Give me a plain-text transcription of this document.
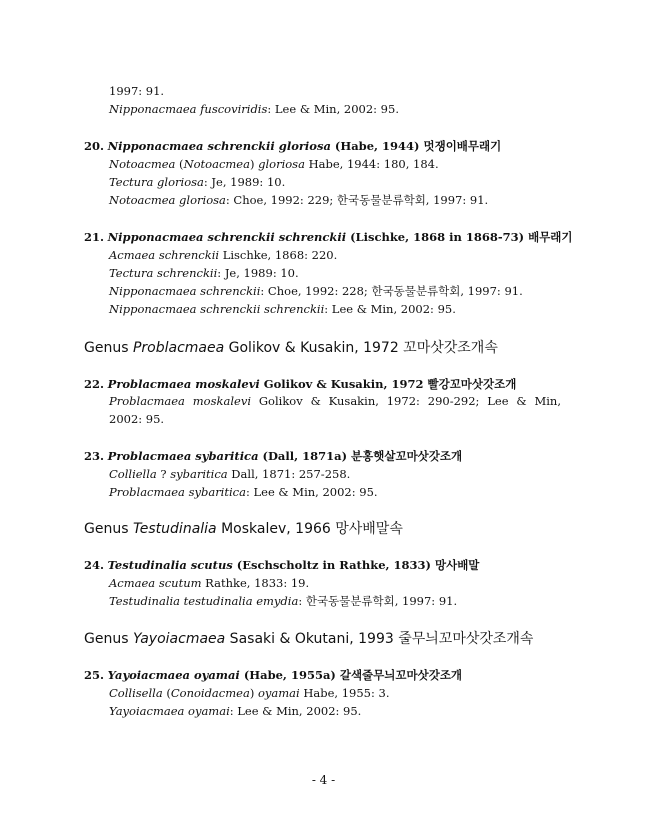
1997: 91.
Nipponacmaea fuscoviridis: Lee & Min, 2002: 95.
20. Nipponacmaea schrenckii gloriosa (Habe, 1944) 멋쟁이배무래기
Notoacmea (Notoacmea) gloriosa Habe, 1944: 180, 184.
Tectura gloriosa: Je, 1989: 10.
Notoacmea gloriosa: Choe, 1992: 229; 한국동물분류학회, 1997: 91.
21. Nipponacmaea schrenckii schrenckii (Lischke, 1868 in 1868-73) 배무래기
Acmaea schrenckii Lischke, 1868: 220.
Tectura schrenckii: Je, 1989: 10.
Nipponacmaea schrenckii: Choe, 1992: 228; 한국동물분류학회, 1997: 91.
Nipponacmaea schrenckii schrenckii: Lee & Min, 2002: 95.
Genus Problacmaea Golikov & Kusakin, 1972 꼬마삿갓조개속
22. Problacmaea moskalevi Golikov & Kusakin, 1972 빨강꼬마삿갓조개
Problacmaea moskalevi Golikov & Kusakin, 1972: 290-292; Lee & Min,
2002: 95.
23. Problacmaea sybaritica (Dall, 1871a) 분홍햇살꼬마삿갓조개
Colliella ? sybaritica Dall, 1871: 257-258.
Problacmaea sybaritica: Lee & Min, 2002: 95.
Genus Testudinalia Moskalev, 1966 망사배말속
24. Testudinalia scutus (Eschscholtz in Rathke, 1833) 망사배말
Acmaea scutum Rathke, 1833: 19.
Testudinalia testudinalia emydia: 한국동물분류학회, 1997: 91.
Genus Yayoiacmaea Sasaki & Okutani, 1993 줄무늬꼬마삿갓조개속
25. Yayoiacmaea oyamai (Habe, 1955a) 갈색줄무늬꼬마삿갓조개
Collisella (Conoidacmea) oyamai Habe, 1955: 3.
Yayoiacmaea oyamai: Lee & Min, 2002: 95.
- 4 -
